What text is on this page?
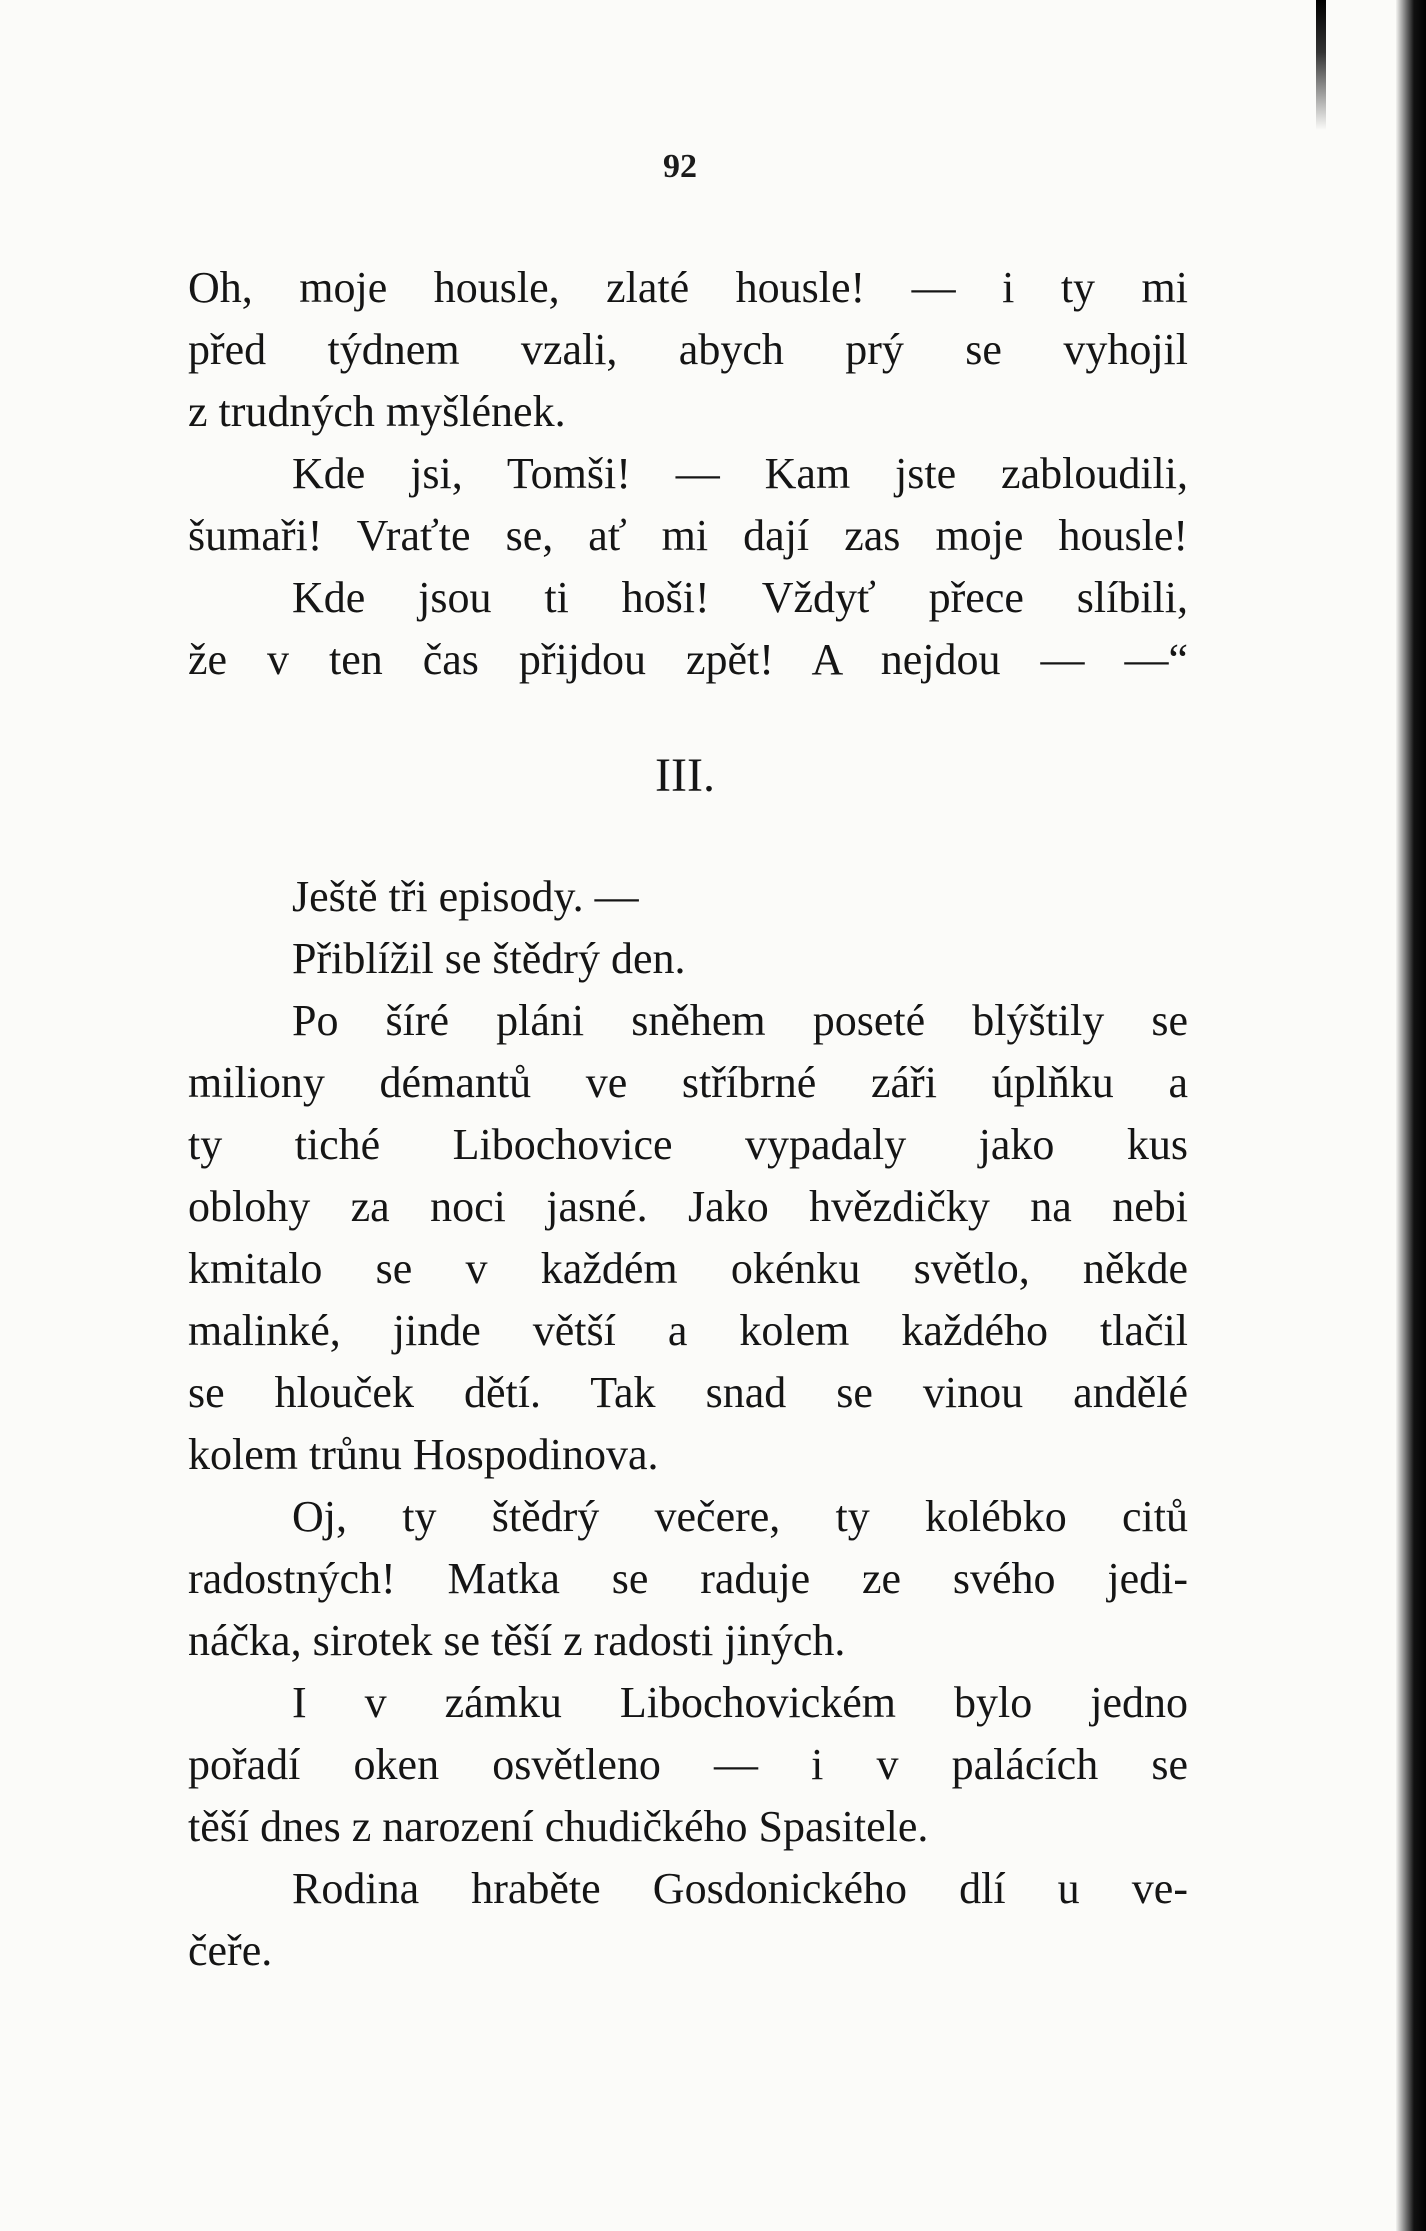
92
Oh, moje housle, zlaté housle! — i ty mi
před týdnem vzali, abych prý se vyhojil
z trudných myšlének.
Kde jsi, Tomši! — Kam jste zabloudili,
šumaři! Vraťte se, ať mi dají zas moje housle!
Kde jsou ti hoši! Vždyť přece slíbili,
že v ten čas přijdou zpět! A nejdou — —“
III.
Ještě tři episody. —
Přiblížil se štědrý den.
Po šíré pláni sněhem poseté blýštily se
miliony démantů ve stříbrné záři úplňku a
ty tiché Libochovice vypadaly jako kus
oblohy za noci jasné. Jako hvězdičky na nebi
kmitalo se v každém okénku světlo, někde
malinké, jinde větší a kolem každého tlačil
se hlouček dětí. Tak snad se vinou andělé
kolem trůnu Hospodinova.
Oj, ty štědrý večere, ty kolébko citů
radostných! Matka se raduje ze svého jedi-
náčka, sirotek se těší z radosti jiných.
I v zámku Libochovickém bylo jedno
pořadí oken osvětleno — i v palácích se
těší dnes z narození chudičkého Spasitele.
Rodina hraběte Gosdonického dlí u ve-
čeře.
